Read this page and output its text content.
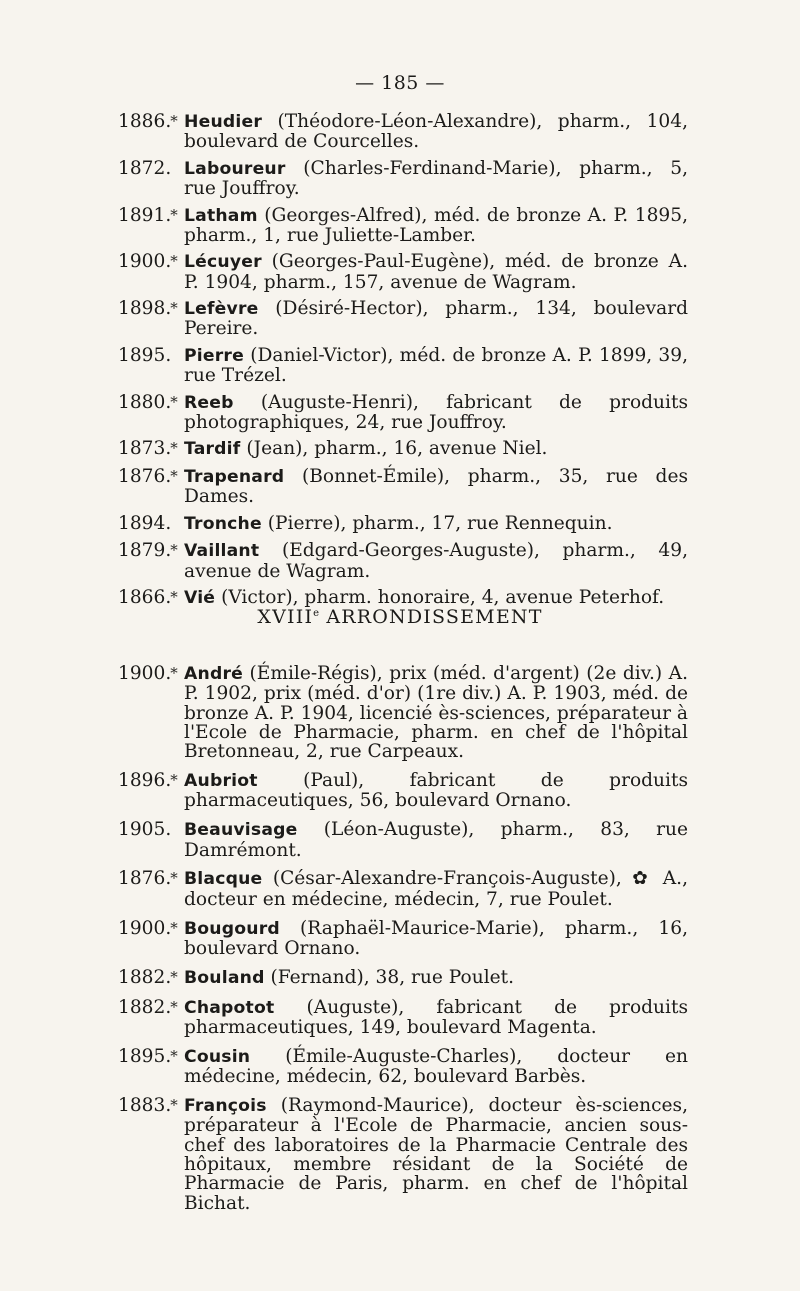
— 185 —
1886. * Heudier (Théodore-Léon-Alexandre), pharm., 104, boulevard de Courcelles.
1872. Laboureur (Charles-Ferdinand-Marie), pharm., 5, rue Jouffroy.
1891. * Latham (Georges-Alfred), méd. de bronze A. P. 1895, pharm., 1, rue Juliette-Lamber.
1900. * Lécuyer (Georges-Paul-Eugène), méd. de bronze A. P. 1904, pharm., 157, avenue de Wagram.
1898. * Lefèvre (Désiré-Hector), pharm., 134, boulevard Pereire.
1895. Pierre (Daniel-Victor), méd. de bronze A. P. 1899, 39, rue Trézel.
1880. * Reeb (Auguste-Henri), fabricant de produits photographiques, 24, rue Jouffroy.
1873. * Tardif (Jean), pharm., 16, avenue Niel.
1876. * Trapenard (Bonnet-Émile), pharm., 35, rue des Dames.
1894. Tronche (Pierre), pharm., 17, rue Rennequin.
1879. * Vaillant (Edgard-Georges-Auguste), pharm., 49, avenue de Wagram.
1866. * Vié (Victor), pharm. honoraire, 4, avenue Peterhof.
XVIIIe ARRONDISSEMENT
1900. * André (Émile-Régis), prix (méd. d'argent) (2e div.) A. P. 1902, prix (méd. d'or) (1re div.) A. P. 1903, méd. de bronze A. P. 1904, licencié ès-sciences, préparateur à l'Ecole de Pharmacie, pharm. en chef de l'hôpital Bretonneau, 2, rue Carpeaux.
1896. * Aubriot (Paul), fabricant de produits pharmaceutiques, 56, boulevard Ornano.
1905. Beauvisage (Léon-Auguste), pharm., 83, rue Damrémont.
1876. * Blacque (César-Alexandre-François-Auguste), ✿ A., docteur en médecine, médecin, 7, rue Poulet.
1900. * Bougourd (Raphaël-Maurice-Marie), pharm., 16, boulevard Ornano.
1882. * Bouland (Fernand), 38, rue Poulet.
1882. * Chapotot (Auguste), fabricant de produits pharmaceutiques, 149, boulevard Magenta.
1895. * Cousin (Émile-Auguste-Charles), docteur en médecine, médecin, 62, boulevard Barbès.
1883. * François (Raymond-Maurice), docteur ès-sciences, préparateur à l'Ecole de Pharmacie, ancien sous-chef des laboratoires de la Pharmacie Centrale des hôpitaux, membre résidant de la Société de Pharmacie de Paris, pharm. en chef de l'hôpital Bichat.
